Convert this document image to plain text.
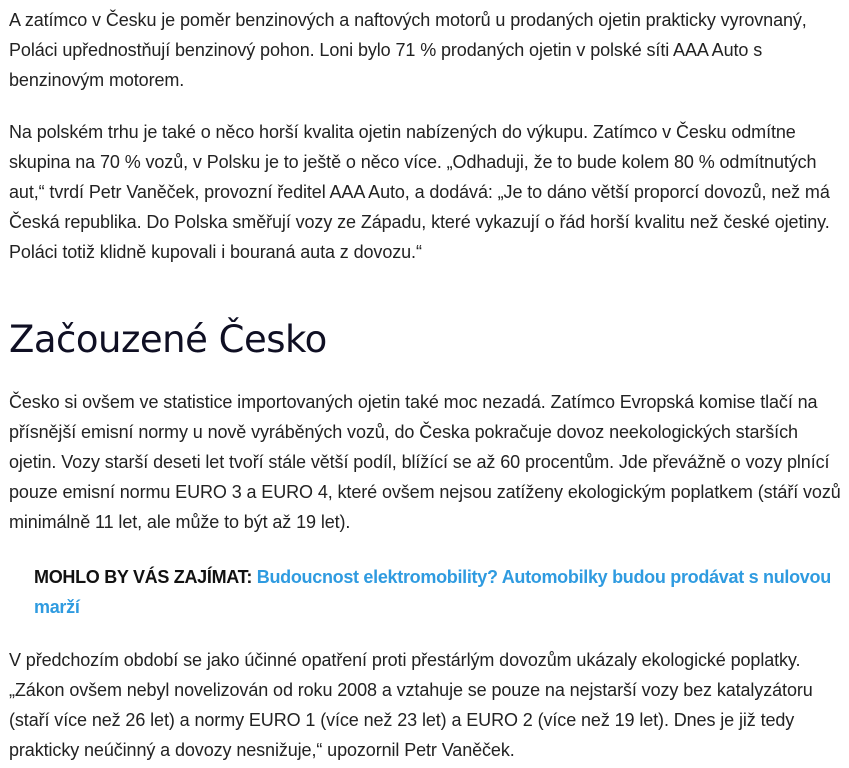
A zatímco v Česku je poměr benzinových a naftových motorů u prodaných ojetin prakticky vyrovnaný, Poláci upřednostňují benzinový pohon. Loni bylo 71 % prodaných ojetin v polské síti AAA Auto s benzinovým motorem.

Na polském trhu je také o něco horší kvalita ojetin nabízených do výkupu. Zatímco v Česku odmítne skupina na 70 % vozů, v Polsku je to ještě o něco více. „Odhaduji, že to bude kolem 80 % odmítnutých aut,“ tvrdí Petr Vaněček, provozní ředitel AAA Auto, a dodává: „Je to dáno větší proporcí dovozů, než má Česká republika. Do Polska směřují vozy ze Západu, které vykazují o řád horší kvalitu než české ojetiny. Poláci totiž klidně kupovali i bouraná auta z dovozu.“

Začouzené Česko

Česko si ovšem ve statistice importovaných ojetin také moc nezadá. Zatímco Evropská komise tlačí na přísnější emisní normy u nově vyráběných vozů, do Česka pokračuje dovoz neekologických starších ojetin. Vozy starší deseti let tvoří stále větší podíl, blížící se až 60 procentům. Jde převážně o vozy plnící pouze emisní normu EURO 3 a EURO 4, které ovšem nejsou zatíženy ekologickým poplatkem (stáří vozů minimálně 11 let, ale může to být až 19 let).

V předchozím období se jako účinné opatření proti přestárlým dovozům ukázaly ekologické poplatky. „Zákon ovšem nebyl novelizován od roku 2008 a vztahuje se pouze na nejstarší vozy bez katalyzátoru (staří více než 26 let) a normy EURO 1 (více než 23 let) a EURO 2 (více než 19 let). Dnes je již tedy prakticky neúčinný a dovozy nesnižuje,“ upozornil Petr Vaněček.

MOHLO BY VÁS ZAJÍMAT: Budoucnost elektromobility? Automobilky budou prodávat s nulovou marží
